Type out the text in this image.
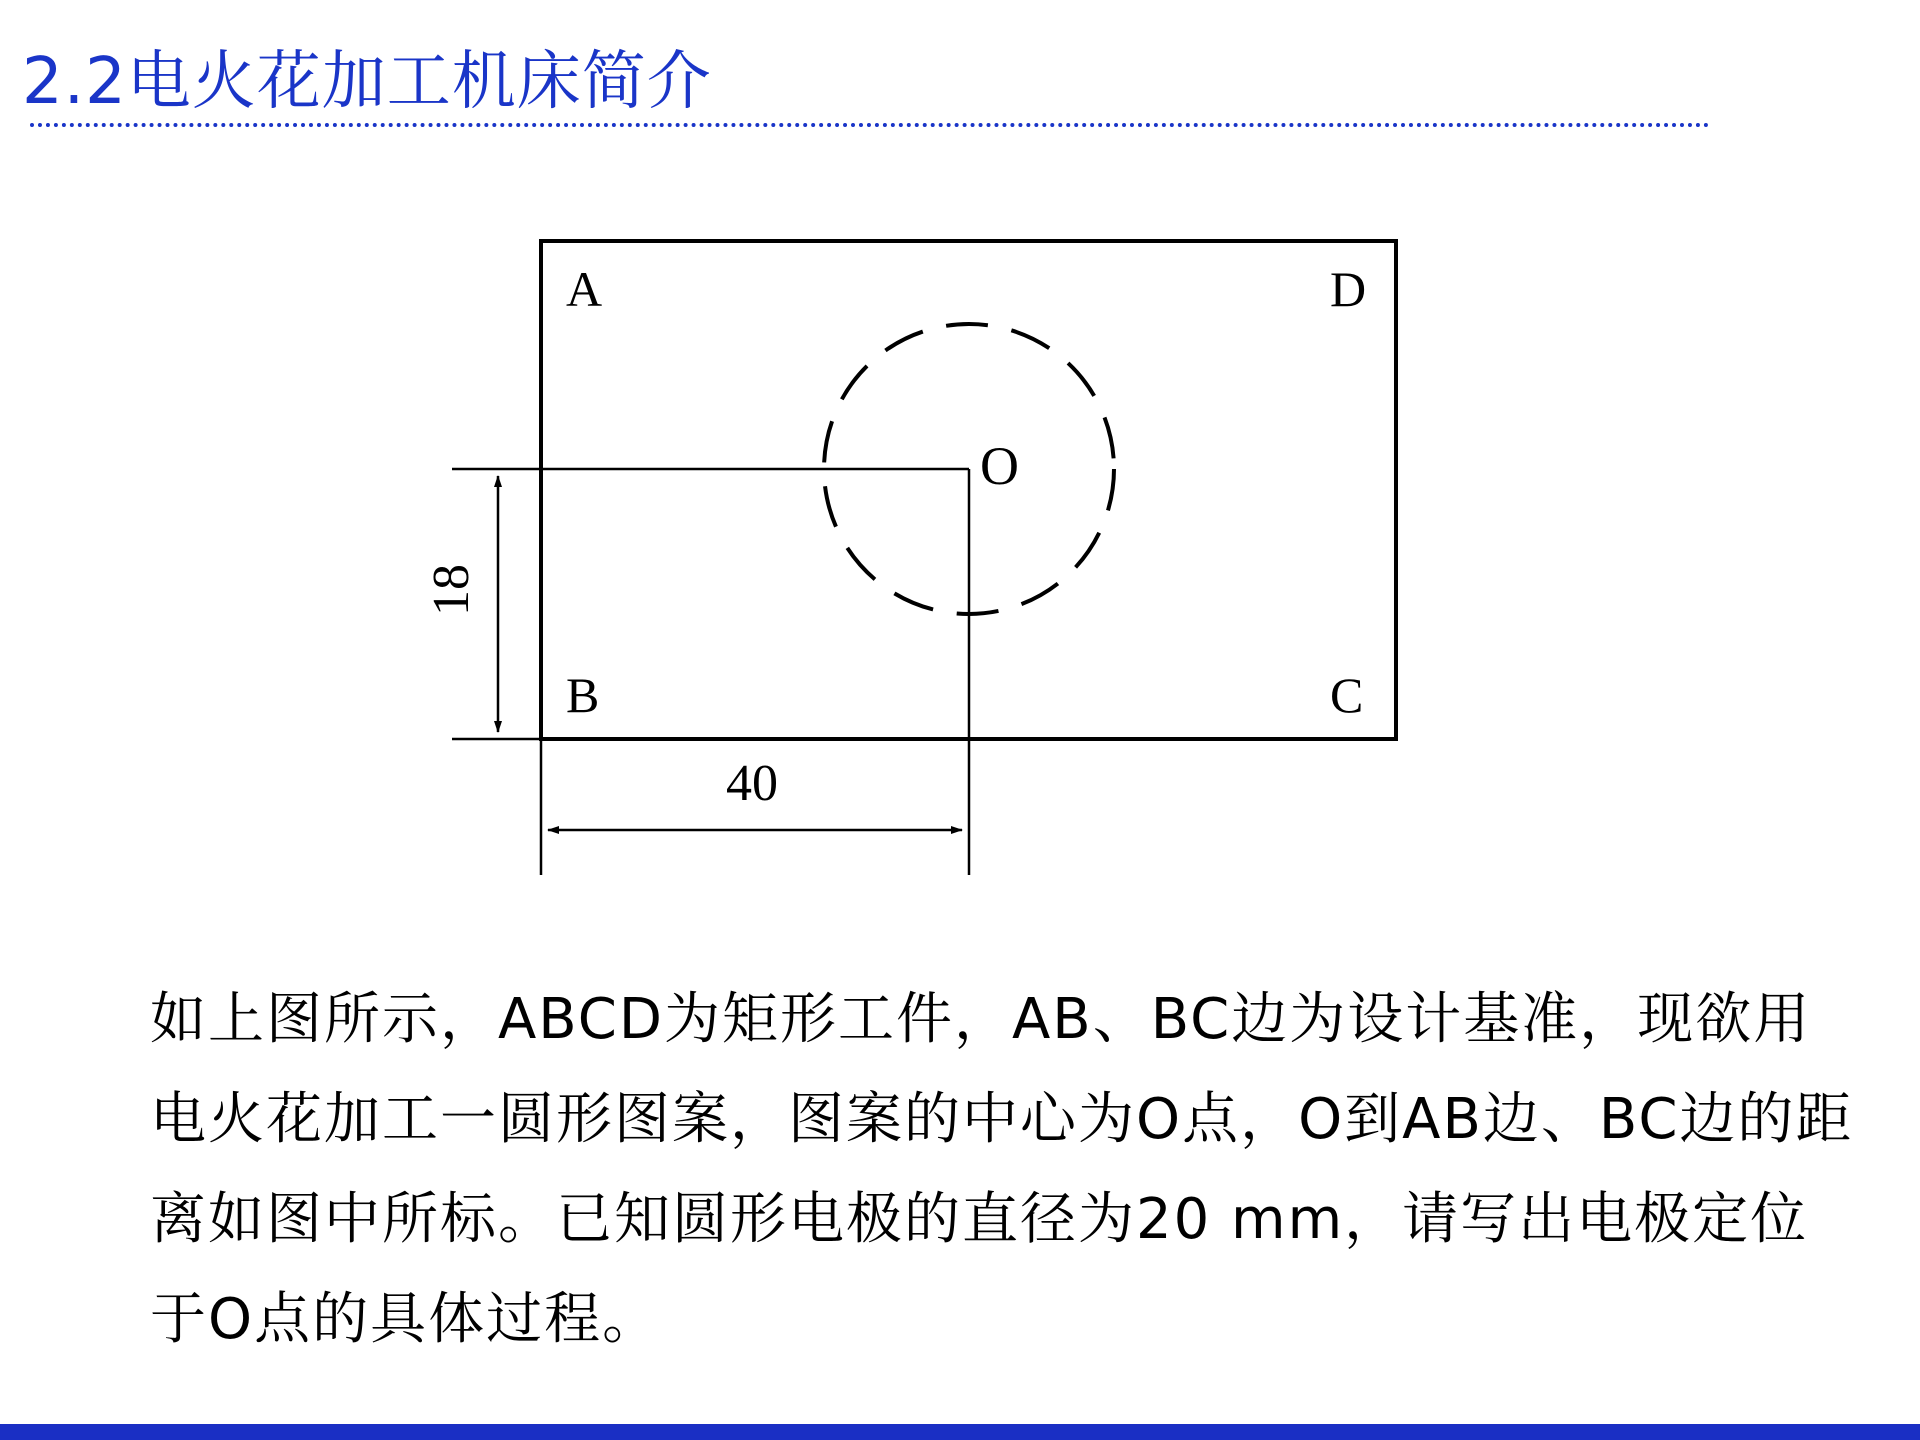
2.2电火花加工机床简介
A	D
B	C
O
18
40

如上图所示，ABCD为矩形工件，AB、BC边为设计基准，现欲用电火花加工一圆形图案，图案的中心为O点，O到AB边、BC边的距离如图中所标。已知圆形电极的直径为20 mm，请写出电极定位于O点的具体过程。
